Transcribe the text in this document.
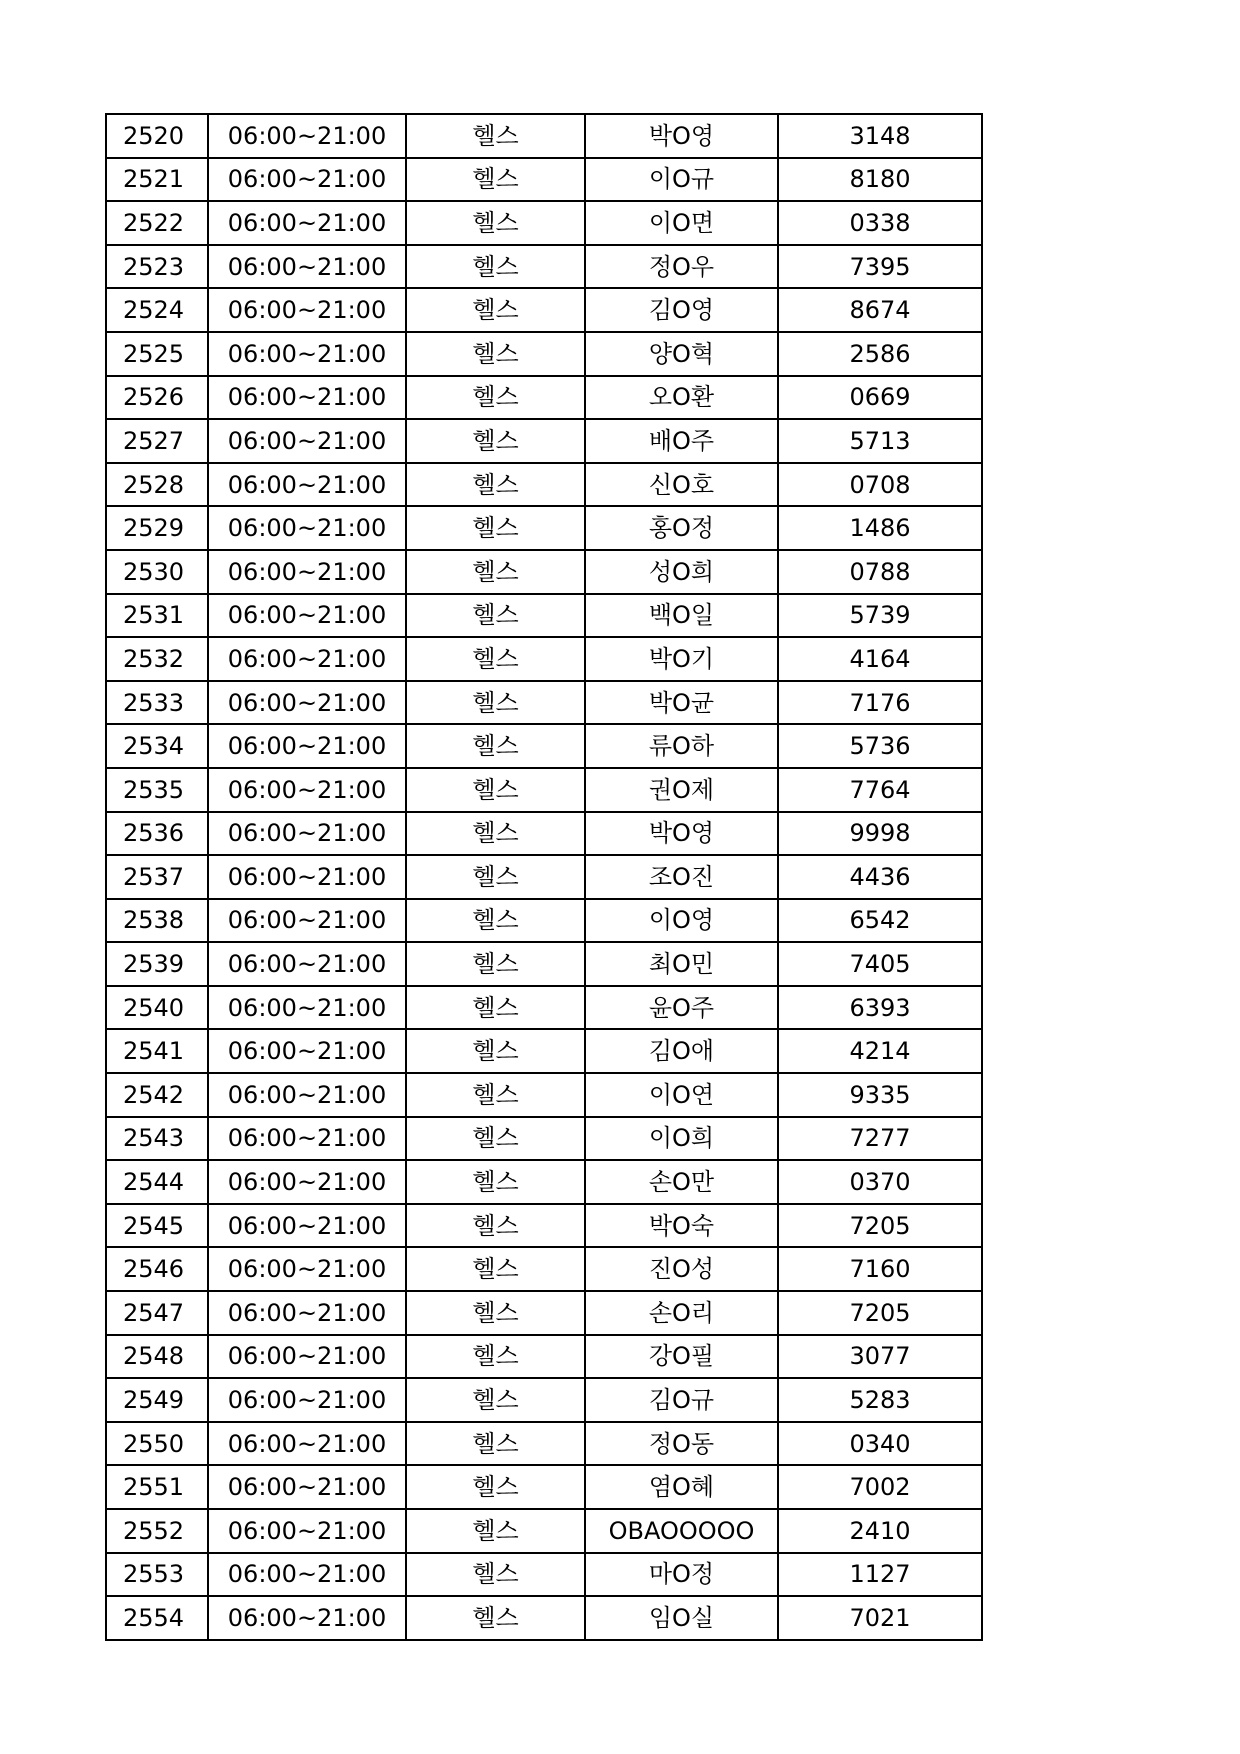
2520	06:00~21:00	헬스	박O영	3148
2521	06:00~21:00	헬스	이O규	8180
2522	06:00~21:00	헬스	이O면	0338
2523	06:00~21:00	헬스	정O우	7395
2524	06:00~21:00	헬스	김O영	8674
2525	06:00~21:00	헬스	양O혁	2586
2526	06:00~21:00	헬스	오O환	0669
2527	06:00~21:00	헬스	배O주	5713
2528	06:00~21:00	헬스	신O호	0708
2529	06:00~21:00	헬스	홍O정	1486
2530	06:00~21:00	헬스	성O희	0788
2531	06:00~21:00	헬스	백O일	5739
2532	06:00~21:00	헬스	박O기	4164
2533	06:00~21:00	헬스	박O균	7176
2534	06:00~21:00	헬스	류O하	5736
2535	06:00~21:00	헬스	권O제	7764
2536	06:00~21:00	헬스	박O영	9998
2537	06:00~21:00	헬스	조O진	4436
2538	06:00~21:00	헬스	이O영	6542
2539	06:00~21:00	헬스	최O민	7405
2540	06:00~21:00	헬스	윤O주	6393
2541	06:00~21:00	헬스	김O애	4214
2542	06:00~21:00	헬스	이O연	9335
2543	06:00~21:00	헬스	이O희	7277
2544	06:00~21:00	헬스	손O만	0370
2545	06:00~21:00	헬스	박O숙	7205
2546	06:00~21:00	헬스	진O성	7160
2547	06:00~21:00	헬스	손O리	7205
2548	06:00~21:00	헬스	강O필	3077
2549	06:00~21:00	헬스	김O규	5283
2550	06:00~21:00	헬스	정O동	0340
2551	06:00~21:00	헬스	염O혜	7002
2552	06:00~21:00	헬스	OBAOOOOO	2410
2553	06:00~21:00	헬스	마O정	1127
2554	06:00~21:00	헬스	임O실	7021
